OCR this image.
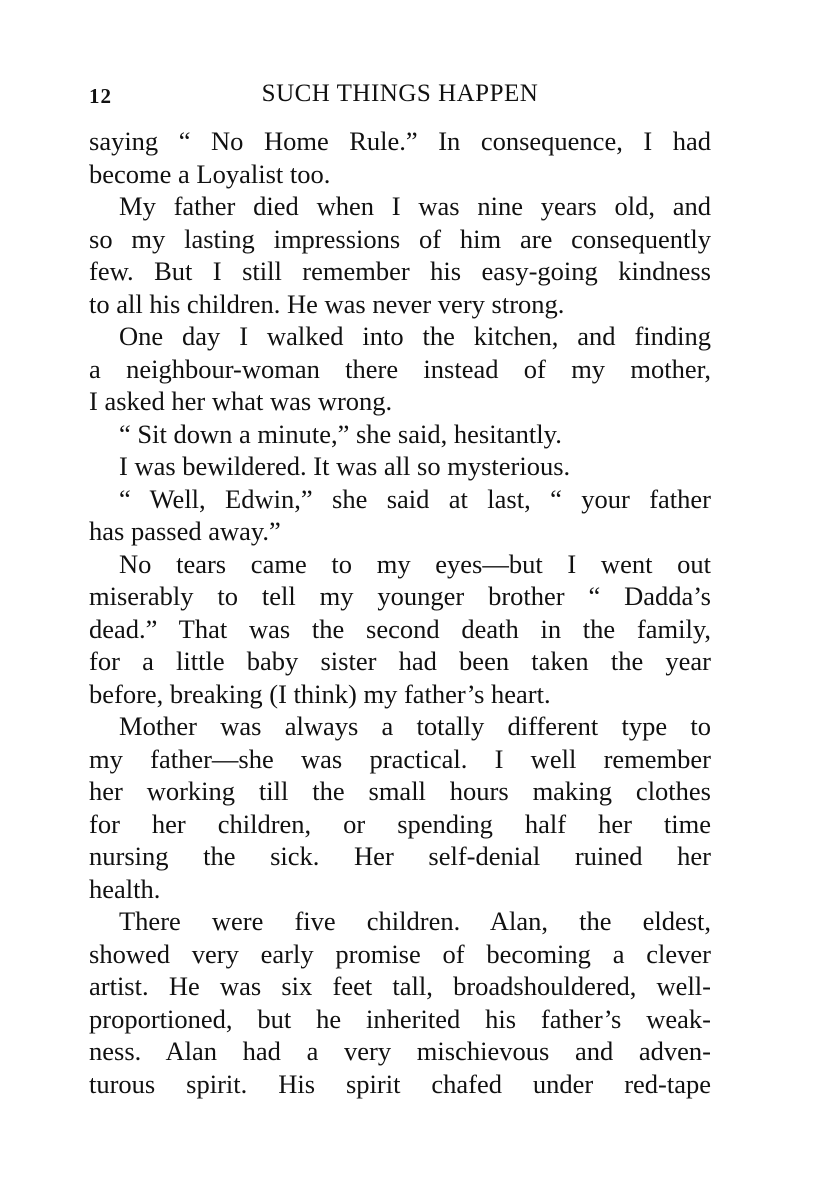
12	SUCH THINGS HAPPEN
saying “ No Home Rule.” In consequence, I had
become a Loyalist too.
My father died when I was nine years old, and
so my lasting impressions of him are consequently
few. But I still remember his easy-going kindness
to all his children. He was never very strong.
One day I walked into the kitchen, and finding
a neighbour-woman there instead of my mother,
I asked her what was wrong.
“ Sit down a minute,” she said, hesitantly.
I was bewildered. It was all so mysterious.
“ Well, Edwin,” she said at last, “ your father
has passed away.”
No tears came to my eyes—but I went out
miserably to tell my younger brother “ Dadda’s
dead.” That was the second death in the family,
for a little baby sister had been taken the year
before, breaking (I think) my father’s heart.
Mother was always a totally different type to
my father—she was practical. I well remember
her working till the small hours making clothes
for her children, or spending half her time
nursing the sick. Her self-denial ruined her
health.
There were five children. Alan, the eldest,
showed very early promise of becoming a clever
artist. He was six feet tall, broadshouldered, well-
proportioned, but he inherited his father’s weak-
ness. Alan had a very mischievous and adven-
turous spirit. His spirit chafed under red-tape
